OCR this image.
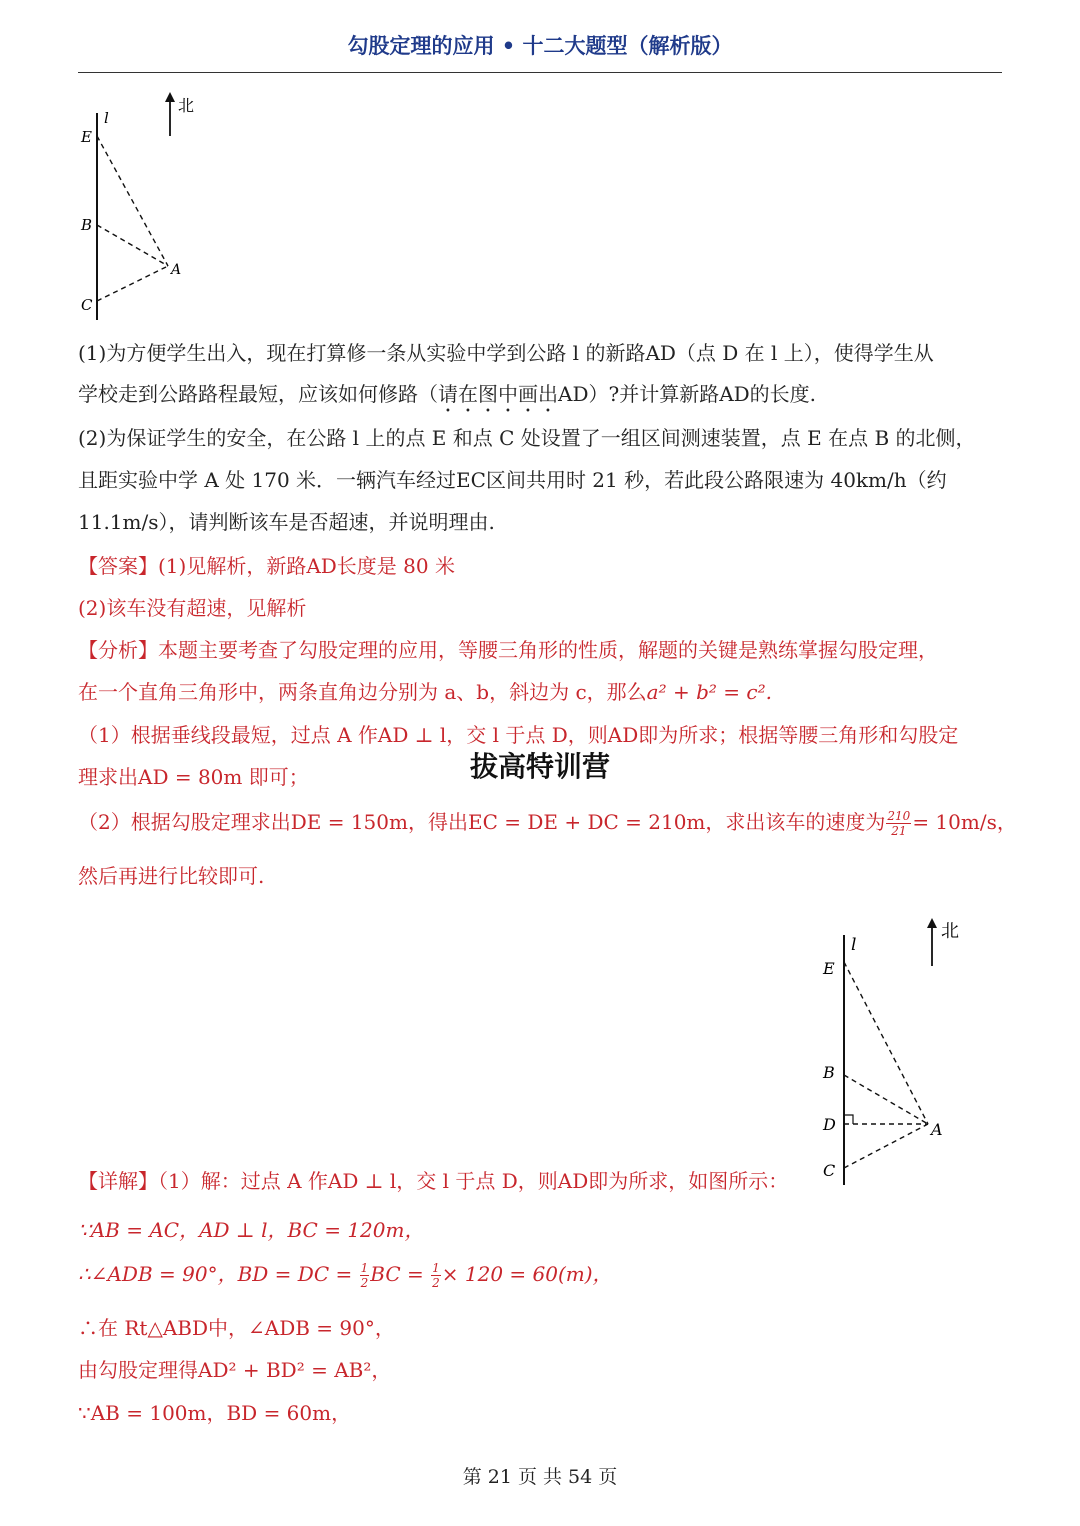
勾股定理的应用 • 十二大题型（解析版）
l
E
B
A
C
北
(1)为方便学生出入，现在打算修一条从实验中学到公路 l 的新路AD（点 D 在 l 上），使得学生从
学校走到公路路程最短，应该如何修路（请在图中画出AD）?并计算新路AD的长度.
(2)为保证学生的安全，在公路 l 上的点 E 和点 C 处设置了一组区间测速装置，点 E 在点 B 的北侧，
且距实验中学 A 处 170 米．一辆汽车经过EC区间共用时 21 秒，若此段公路限速为 40km/h（约
11.1m/s），请判断该车是否超速，并说明理由.
【答案】(1)见解析，新路AD长度是 80 米
(2)该车没有超速，见解析
【分析】本题主要考查了勾股定理的应用，等腰三角形的性质，解题的关键是熟练掌握勾股定理，
在一个直角三角形中，两条直角边分别为 a、b，斜边为 c，那么a² + b² = c².
（1）根据垂线段最短，过点 A 作AD ⊥ l，交 l 于点 D，则AD即为所求；根据等腰三角形和勾股定
理求出AD = 80m 即可；
（2）根据勾股定理求出DE = 150m，得出EC = DE + DC = 210m，求出该车的速度为 $\frac{210}{21} = 10m/s$，
然后再进行比较即可.
拔高特训营
l
E
B
D	A
C
北
【详解】（1）解：过点 A 作AD ⊥ l，交 l 于点 D，则AD即为所求，如图所示：
∵AB = AC，AD ⊥ l，BC = 120m，
∴∠ADB = 90°，BD = DC = $\frac{1}{2}$ BC = $\frac{1}{2} \times 120 = 60(m)$，
∴在 Rt△ABD中，∠ADB = 90°，
由勾股定理得AD² + BD² = AB²，
∵AB = 100m，BD = 60m，
第 21 页 共 54 页
